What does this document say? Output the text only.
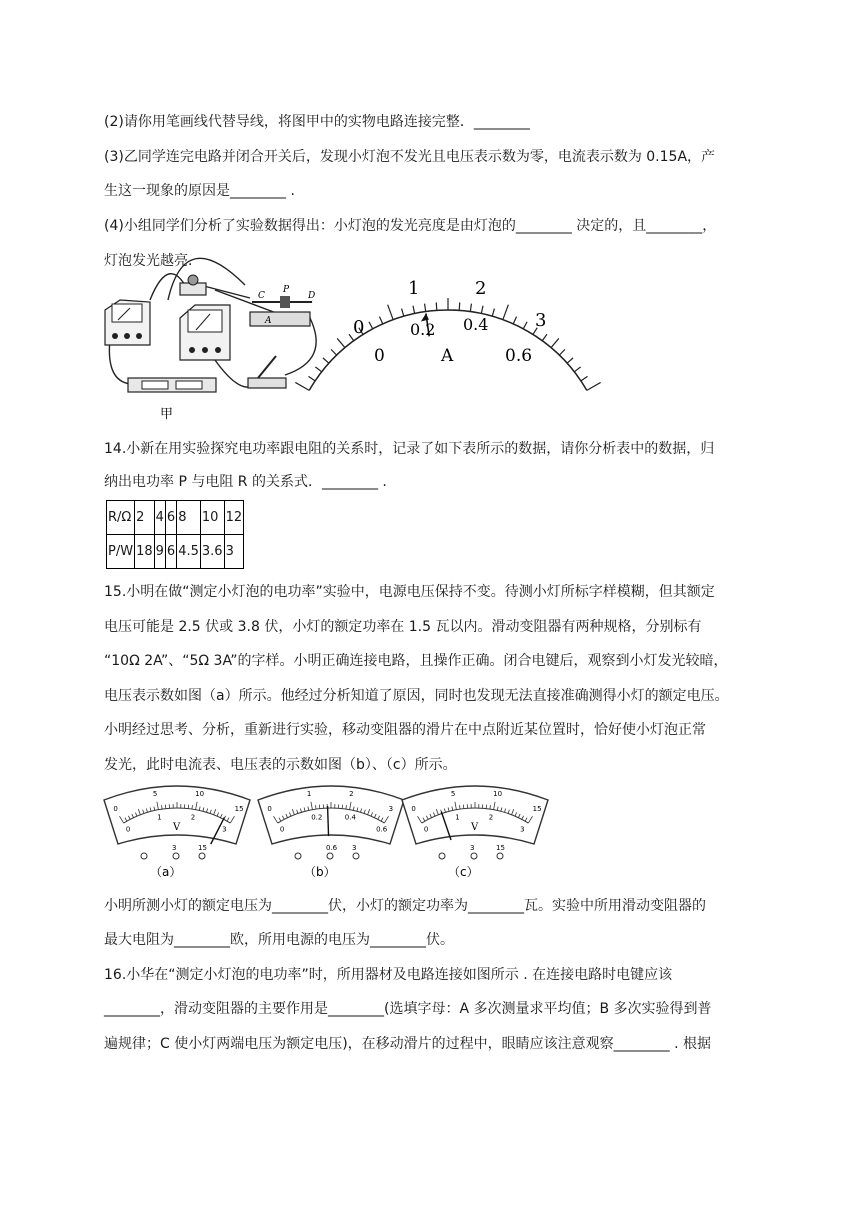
(2)请你用笔画线代替导线，将图甲中的实物电路连接完整．________
(3)乙同学连完电路并闭合开关后，发现小灯泡不发光且电压表示数为零，电流表示数为 0.15A，产
生这一现象的原因是________ .
(4)小组同学们分析了实验数据得出：小灯泡的发光亮度是由灯泡的________ 决定的，且________，
灯泡发光越亮.
C
P
D
A
甲
0
1	2
3
0
0.2 0.4
0.6
A
14.小新在用实验探究电功率跟电阻的关系时，记录了如下表所示的数据，请你分析表中的数据，归
纳出电功率 P 与电阻 R 的关系式．________ .
R/Ω	2	4	6	8	10	12
P/W	18	9	6	4.5	3.6	3
15.小明在做“测定小灯泡的电功率”实验中，电源电压保持不变。待测小灯所标字样模糊，但其额定
电压可能是 2.5 伏或 3.8 伏，小灯的额定功率在 1.5 瓦以内。滑动变阻器有两种规格，分别标有
“10Ω 2A”、“5Ω 3A”的字样。小明正确连接电路，且操作正确。闭合电键后，观察到小灯发光较暗，
电压表示数如图（a）所示。他经过分析知道了原因，同时也发现无法直接准确测得小灯的额定电压。
小明经过思考、分析，重新进行实验，移动变阻器的滑片在中点附近某位置时，恰好使小灯泡正常
发光，此时电流表、电压表的示数如图（b）、（c）所示。
0
5	10
15
0
1	2
3
V
3	15
（a）
0
1	2
3
0
0.2	0.4
0.6
0.6 3
（b）
0
5	10
15
0
1	2
3
V
3	15
（c）
小明所测小灯的额定电压为________伏，小灯的额定功率为________瓦。实验中所用滑动变阻器的
最大电阻为________欧，所用电源的电压为________伏。
16.小华在“测定小灯泡的电功率”时，所用器材及电路连接如图所示 . 在连接电路时电键应该
________，滑动变阻器的主要作用是________(选填字母：A 多次测量求平均值；B 多次实验得到普
遍规律；C 使小灯两端电压为额定电压)，在移动滑片的过程中，眼睛应该注意观察________ . 根据
